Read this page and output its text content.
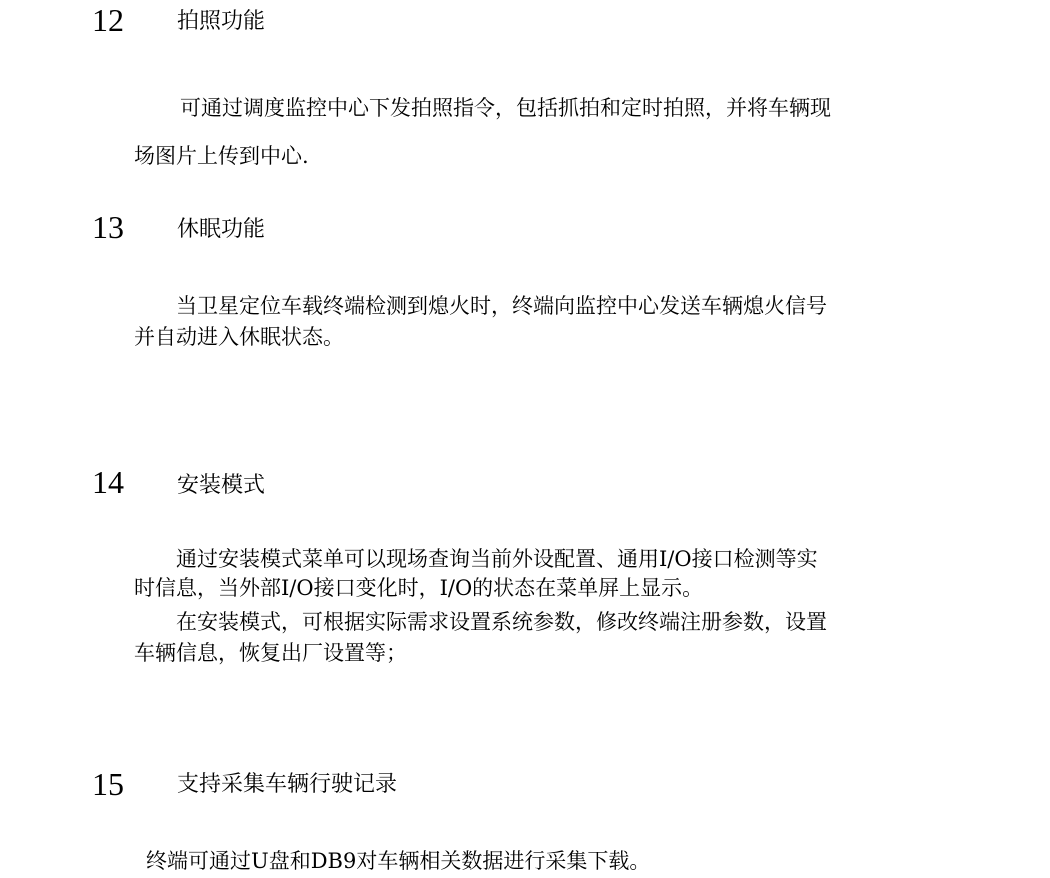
12 拍照功能
可通过调度监控中心下发拍照指令，包括抓拍和定时拍照，并将车辆现
场图片上传到中心.
13 休眠功能
当卫星定位车载终端检测到熄火时，终端向监控中心发送车辆熄火信号
并自动进入休眠状态。
14 安装模式
通过安装模式菜单可以现场查询当前外设配置、通用I/O接口检测等实
时信息，当外部I/O接口变化时，I/O的状态在菜单屏上显示。
在安装模式，可根据实际需求设置系统参数，修改终端注册参数，设置
车辆信息，恢复出厂设置等；
15 支持采集车辆行驶记录
终端可通过U盘和DB9对车辆相关数据进行采集下载。
